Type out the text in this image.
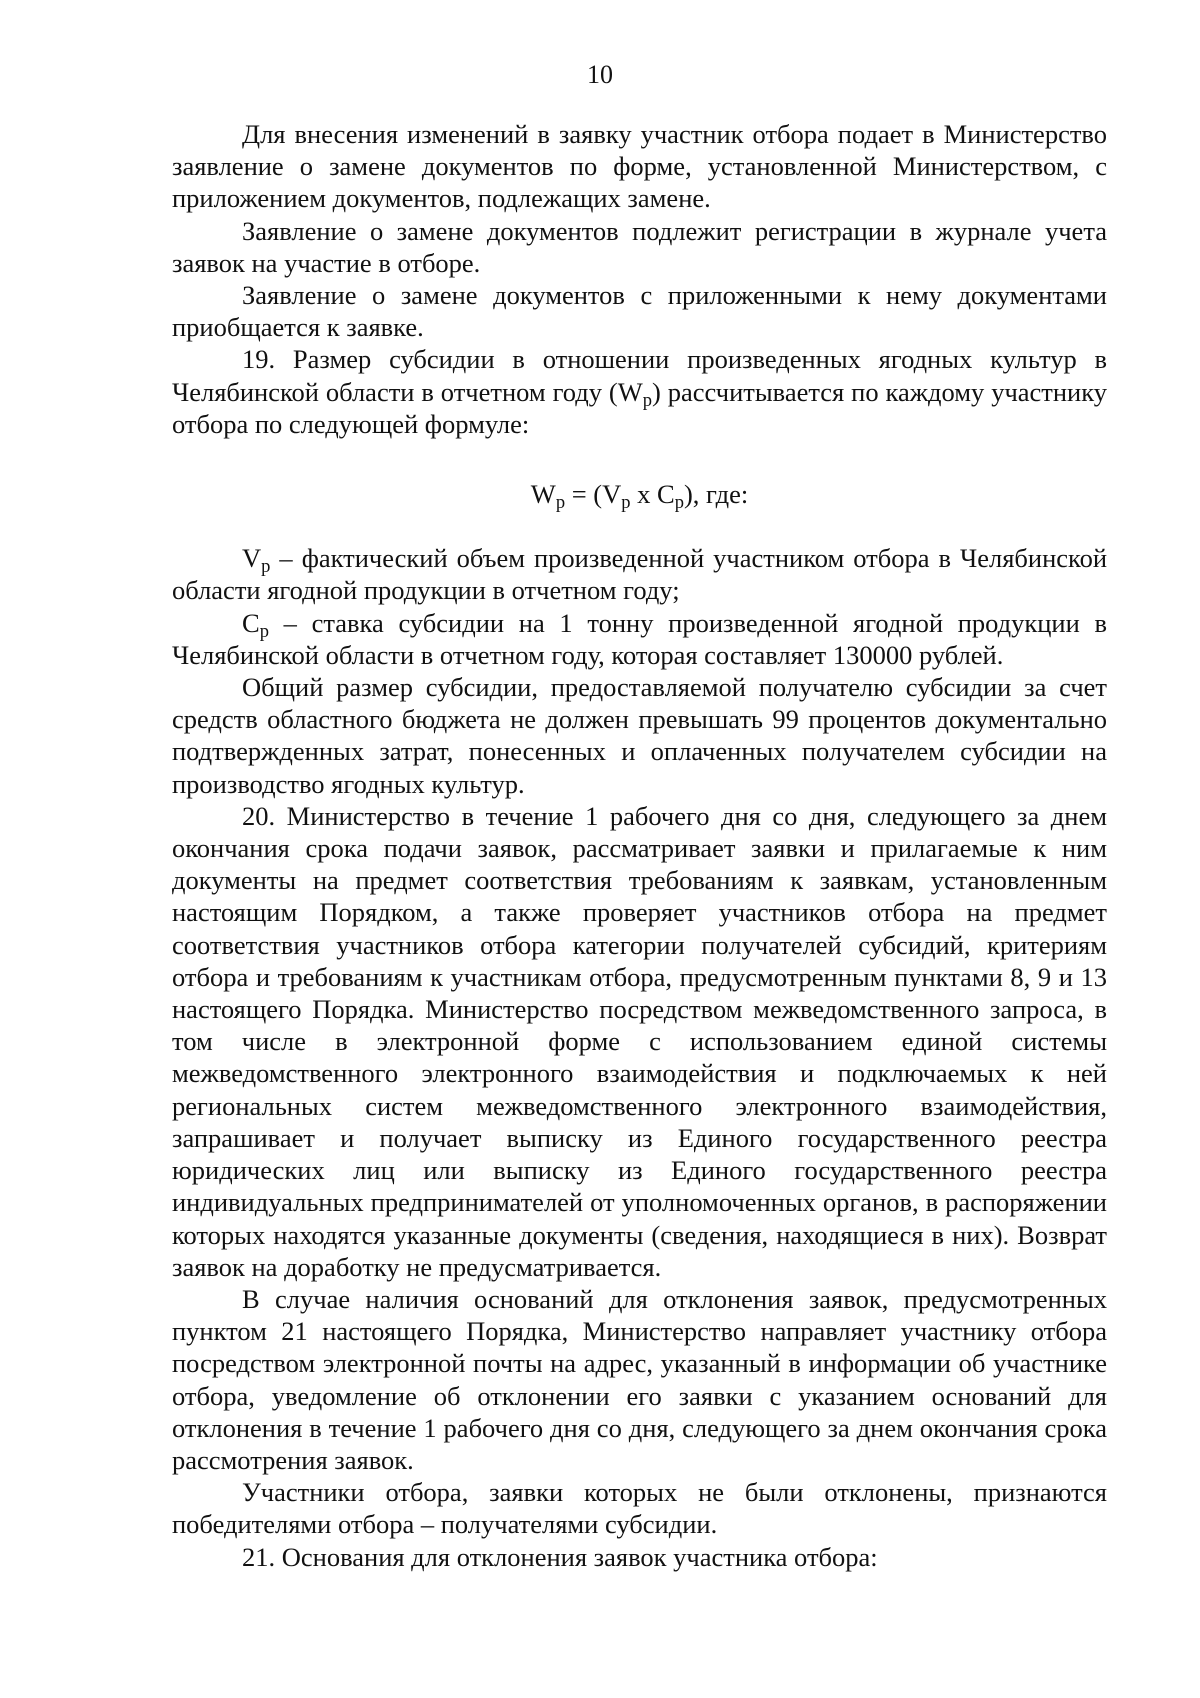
10

Для внесения изменений в заявку участник отбора подает в Министерство заявление о замене документов по форме, установленной Министерством, с приложением документов, подлежащих замене.

Заявление о замене документов подлежит регистрации в журнале учета заявок на участие в отборе.

Заявление о замене документов с приложенными к нему документами приобщается к заявке.

19. Размер субсидии в отношении произведенных ягодных культур в Челябинской области в отчетном году $(W_p)$ рассчитывается по каждому участнику отбора по следующей формуле:

$W_p = (V_p$ x $C_p$), где:

$V_p$ – фактический объем произведенной участником отбора в Челябинской области ягодной продукции в отчетном году;

$С_р$ – ставка субсидии на 1 тонну произведенной ягодной продукции в Челябинской области в отчетном году, которая составляет 130000 рублей.

Общий размер субсидии, предоставляемой получателю субсидии за счет средств областного бюджета не должен превышать 99 процентов документально подтвержденных затрат, понесенных и оплаченных получателем субсидии на производство ягодных культур.

20. Министерство в течение 1 рабочего дня со дня, следующего за днем окончания срока подачи заявок, рассматривает заявки и прилагаемые к ним документы на предмет соответствия требованиям к заявкам, установленным настоящим Порядком, а также проверяет участников отбора на предмет соответствия участников отбора категории получателей субсидий, критериям отбора и требованиям к участникам отбора, предусмотренным пунктами 8, 9 и 13 настоящего Порядка. Министерство посредством межведомственного запроса, в том числе в электронной форме с использованием единой системы межведомственного электронного взаимодействия и подключаемых к ней региональных систем межведомственного электронного взаимодействия, запрашивает и получает выписку из Единого государственного реестра юридических лиц или выписку из Единого государственного реестра индивидуальных предпринимателей от уполномоченных органов, в распоряжении которых находятся указанные документы (сведения, находящиеся в них). Возврат заявок на доработку не предусматривается.

В случае наличия оснований для отклонения заявок, предусмотренных пунктом 21 настоящего Порядка, Министерство направляет участнику отбора посредством электронной почты на адрес, указанный в информации об участнике отбора, уведомление об отклонении его заявки с указанием оснований для отклонения в течение 1 рабочего дня со дня, следующего за днем окончания срока рассмотрения заявок.

Участники отбора, заявки которых не были отклонены, признаются победителями отбора – получателями субсидии.

21. Основания для отклонения заявок участника отбора:
